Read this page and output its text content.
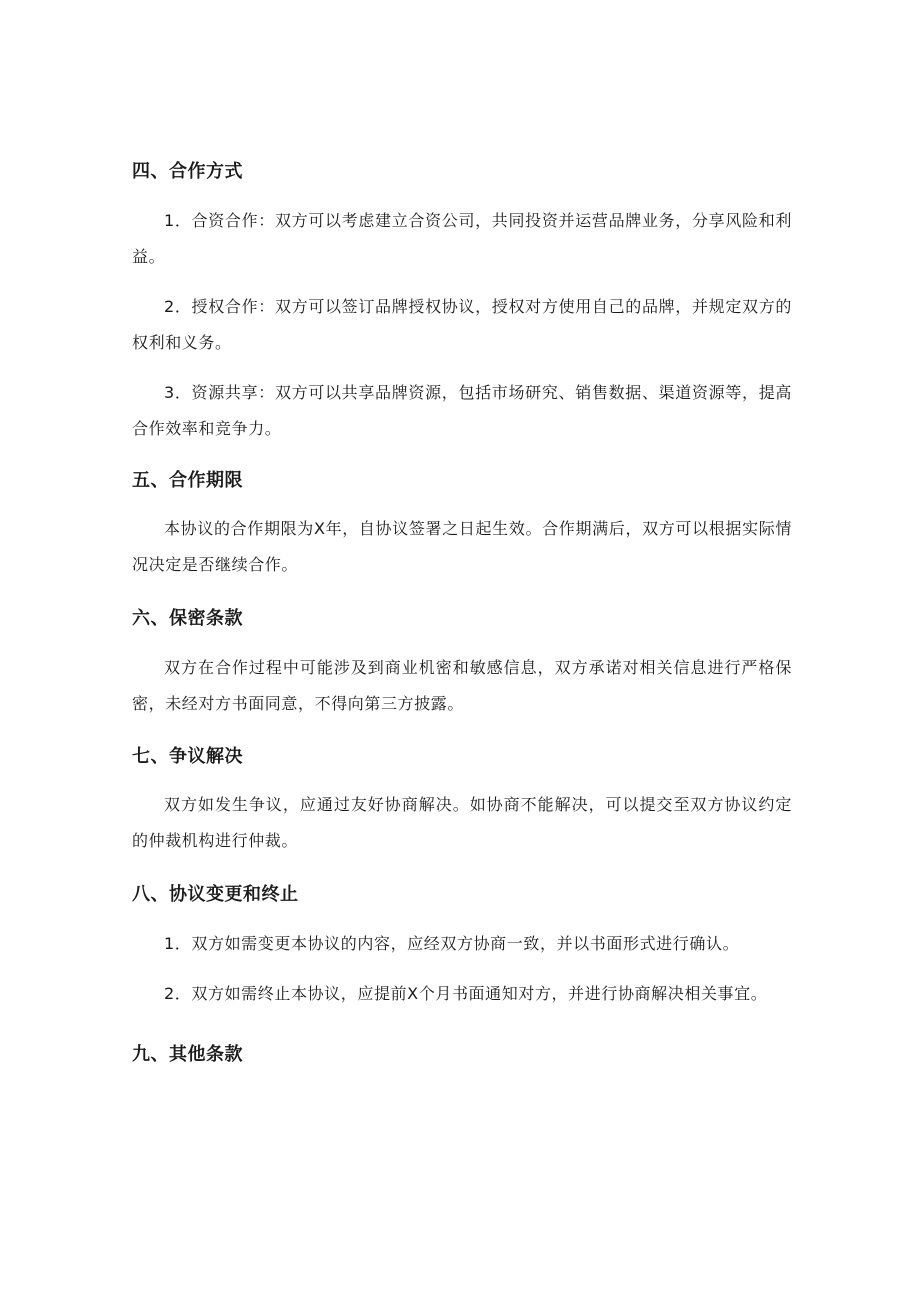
四、合作方式
1．合资合作：双方可以考虑建立合资公司，共同投资并运营品牌业务，分享风险和利益。
2．授权合作：双方可以签订品牌授权协议，授权对方使用自己的品牌，并规定双方的权利和义务。
3．资源共享：双方可以共享品牌资源，包括市场研究、销售数据、渠道资源等，提高合作效率和竞争力。
五、合作期限
本协议的合作期限为X年，自协议签署之日起生效。合作期满后，双方可以根据实际情况决定是否继续合作。
六、保密条款
双方在合作过程中可能涉及到商业机密和敏感信息，双方承诺对相关信息进行严格保密，未经对方书面同意，不得向第三方披露。
七、争议解决
双方如发生争议，应通过友好协商解决。如协商不能解决，可以提交至双方协议约定的仲裁机构进行仲裁。
八、协议变更和终止
1．双方如需变更本协议的内容，应经双方协商一致，并以书面形式进行确认。
2．双方如需终止本协议，应提前X个月书面通知对方，并进行协商解决相关事宜。
九、其他条款
